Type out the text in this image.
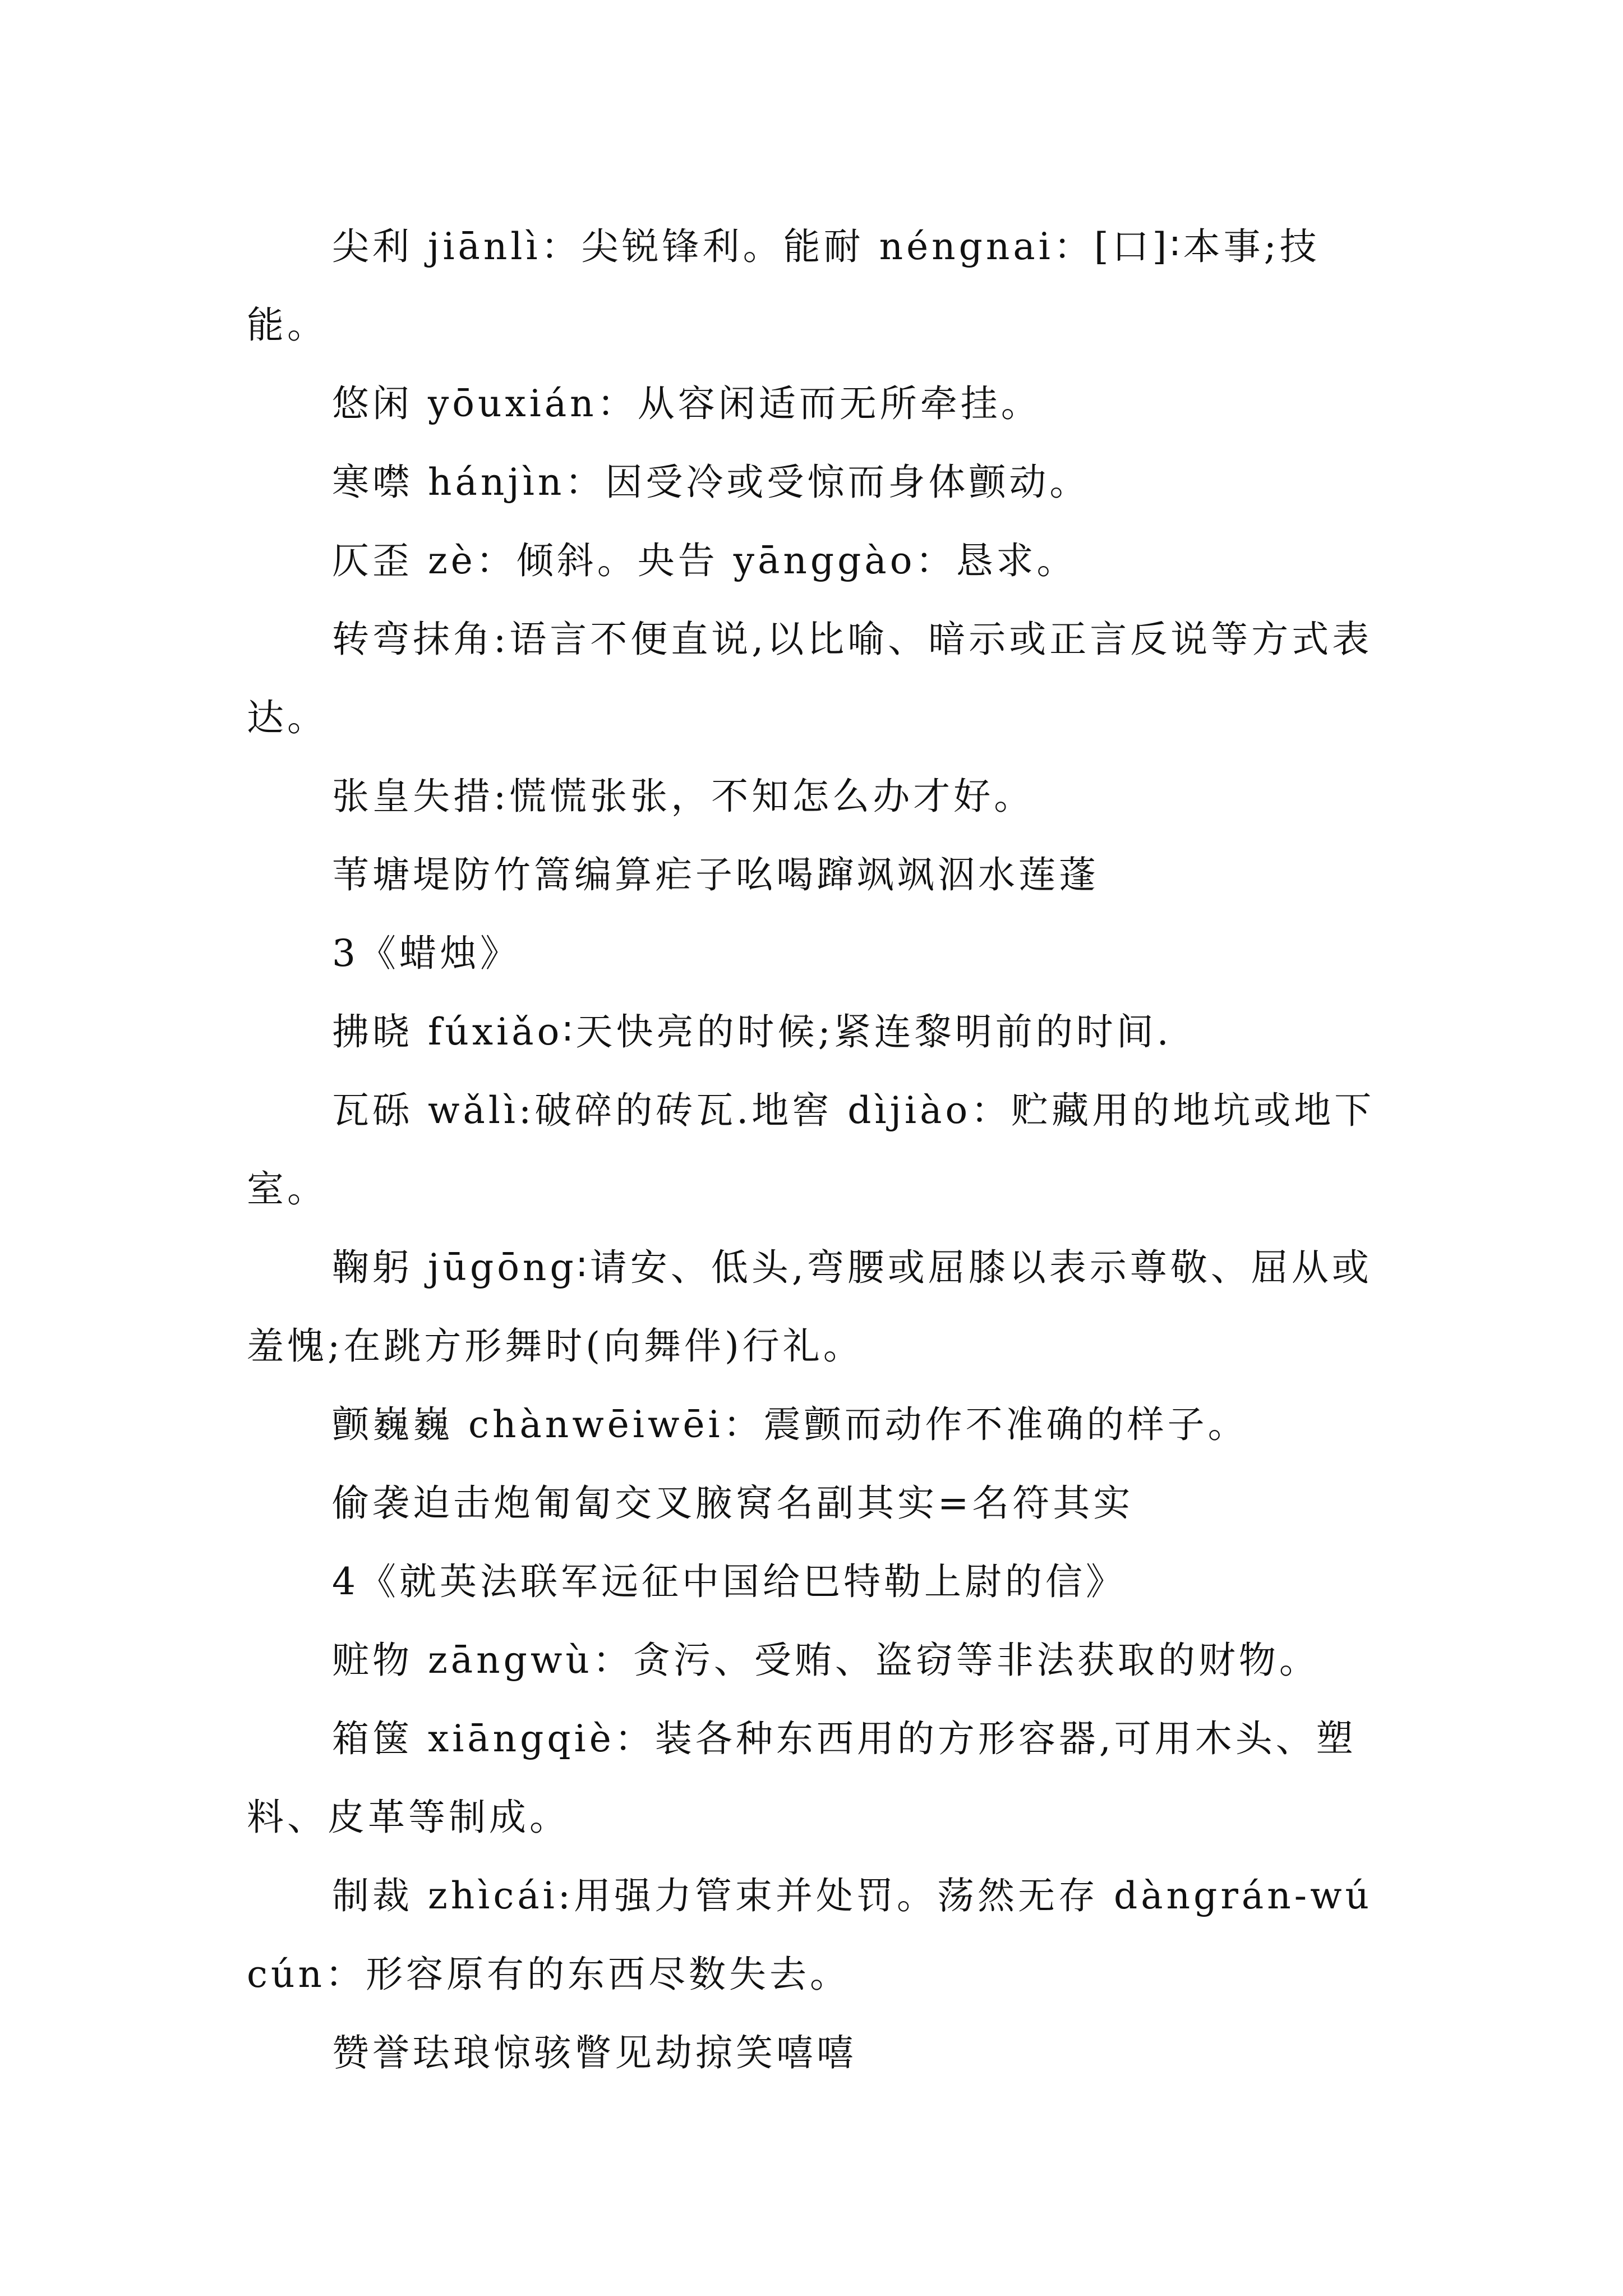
尖利 jiānlì：尖锐锋利。能耐 néngnai：[口]∶本事;技能。

悠闲 yōuxián：从容闲适而无所牵挂。

寒噤 hánjìn：因受冷或受惊而身体颤动。

仄歪 zè：倾斜。央告 yānggào：恳求。

转弯抹角:语言不便直说,以比喻、暗示或正言反说等方式表达。

张皇失措:慌慌张张，不知怎么办才好。

苇塘堤防竹篙编算疟子吆喝蹿飒飒泅水莲蓬

3《蜡烛》

拂晓 fúxiǎo∶天快亮的时候;紧连黎明前的时间.

瓦砾 wǎlì:破碎的砖瓦.地窖 dìjiào：贮藏用的地坑或地下室。

鞠躬 jūgōng∶请安、低头,弯腰或屈膝以表示尊敬、屈从或羞愧;在跳方形舞时(向舞伴)行礼。

颤巍巍 chànwēiwēi：震颤而动作不准确的样子。

偷袭迫击炮匍匐交叉腋窝名副其实=名符其实

4《就英法联军远征中国给巴特勒上尉的信》

赃物 zāngwù：贪污、受贿、盗窃等非法获取的财物。

箱箧 xiāngqiè：装各种东西用的方形容器,可用木头、塑料、皮革等制成。

制裁 zhìcái:用强力管束并处罚。荡然无存 dàngrán-wúcún：形容原有的东西尽数失去。

赞誉珐琅惊骇瞥见劫掠笑嘻嘻
